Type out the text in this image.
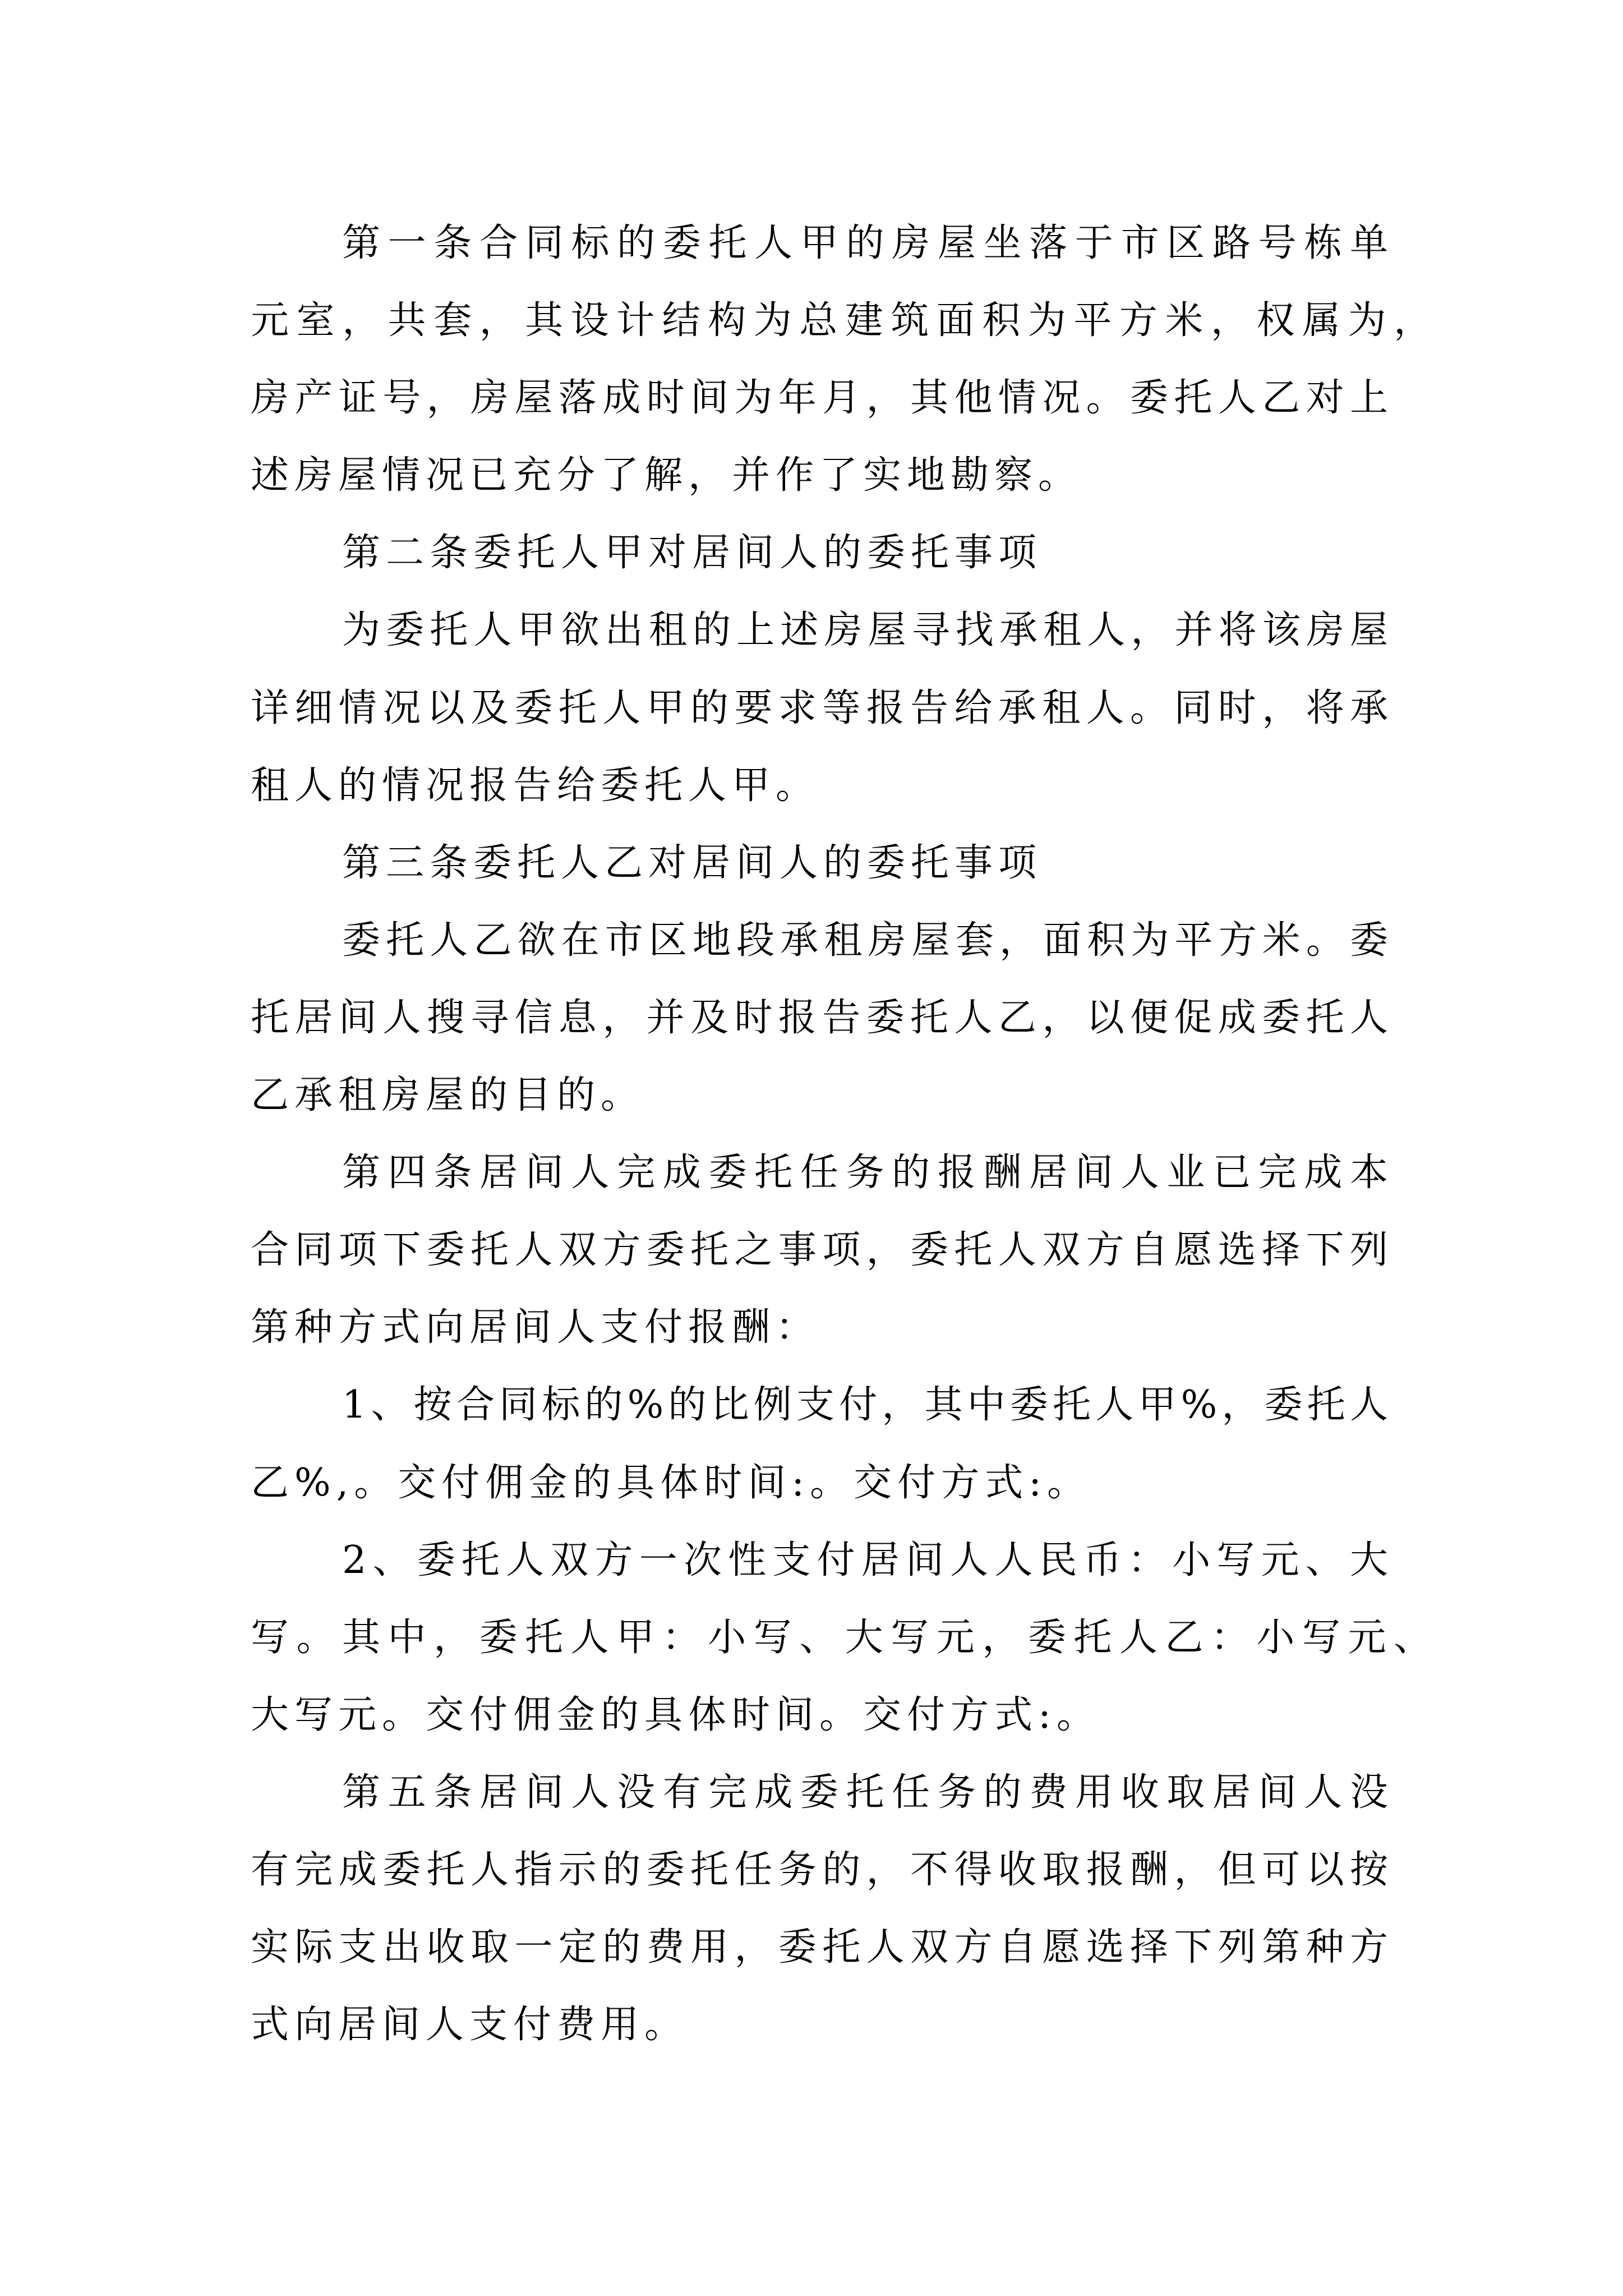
第一条合同标的委托人甲的房屋坐落于市区路号栋单
元室，共套，其设计结构为总建筑面积为平方米，权属为，
房产证号，房屋落成时间为年月，其他情况。委托人乙对上
述房屋情况已充分了解，并作了实地勘察。
第二条委托人甲对居间人的委托事项
为委托人甲欲出租的上述房屋寻找承租人，并将该房屋
详细情况以及委托人甲的要求等报告给承租人。同时，将承
租人的情况报告给委托人甲。
第三条委托人乙对居间人的委托事项
委托人乙欲在市区地段承租房屋套，面积为平方米。委
托居间人搜寻信息，并及时报告委托人乙，以便促成委托人
乙承租房屋的目的。
第四条居间人完成委托任务的报酬居间人业已完成本
合同项下委托人双方委托之事项，委托人双方自愿选择下列
第种方式向居间人支付报酬：
1、按合同标的%的比例支付，其中委托人甲%，委托人
乙%,。交付佣金的具体时间:。交付方式:。
2、委托人双方一次性支付居间人人民币：小写元、大
写。其中，委托人甲：小写、大写元，委托人乙：小写元、
大写元。交付佣金的具体时间。交付方式:。
第五条居间人没有完成委托任务的费用收取居间人没
有完成委托人指示的委托任务的，不得收取报酬，但可以按
实际支出收取一定的费用，委托人双方自愿选择下列第种方
式向居间人支付费用。
